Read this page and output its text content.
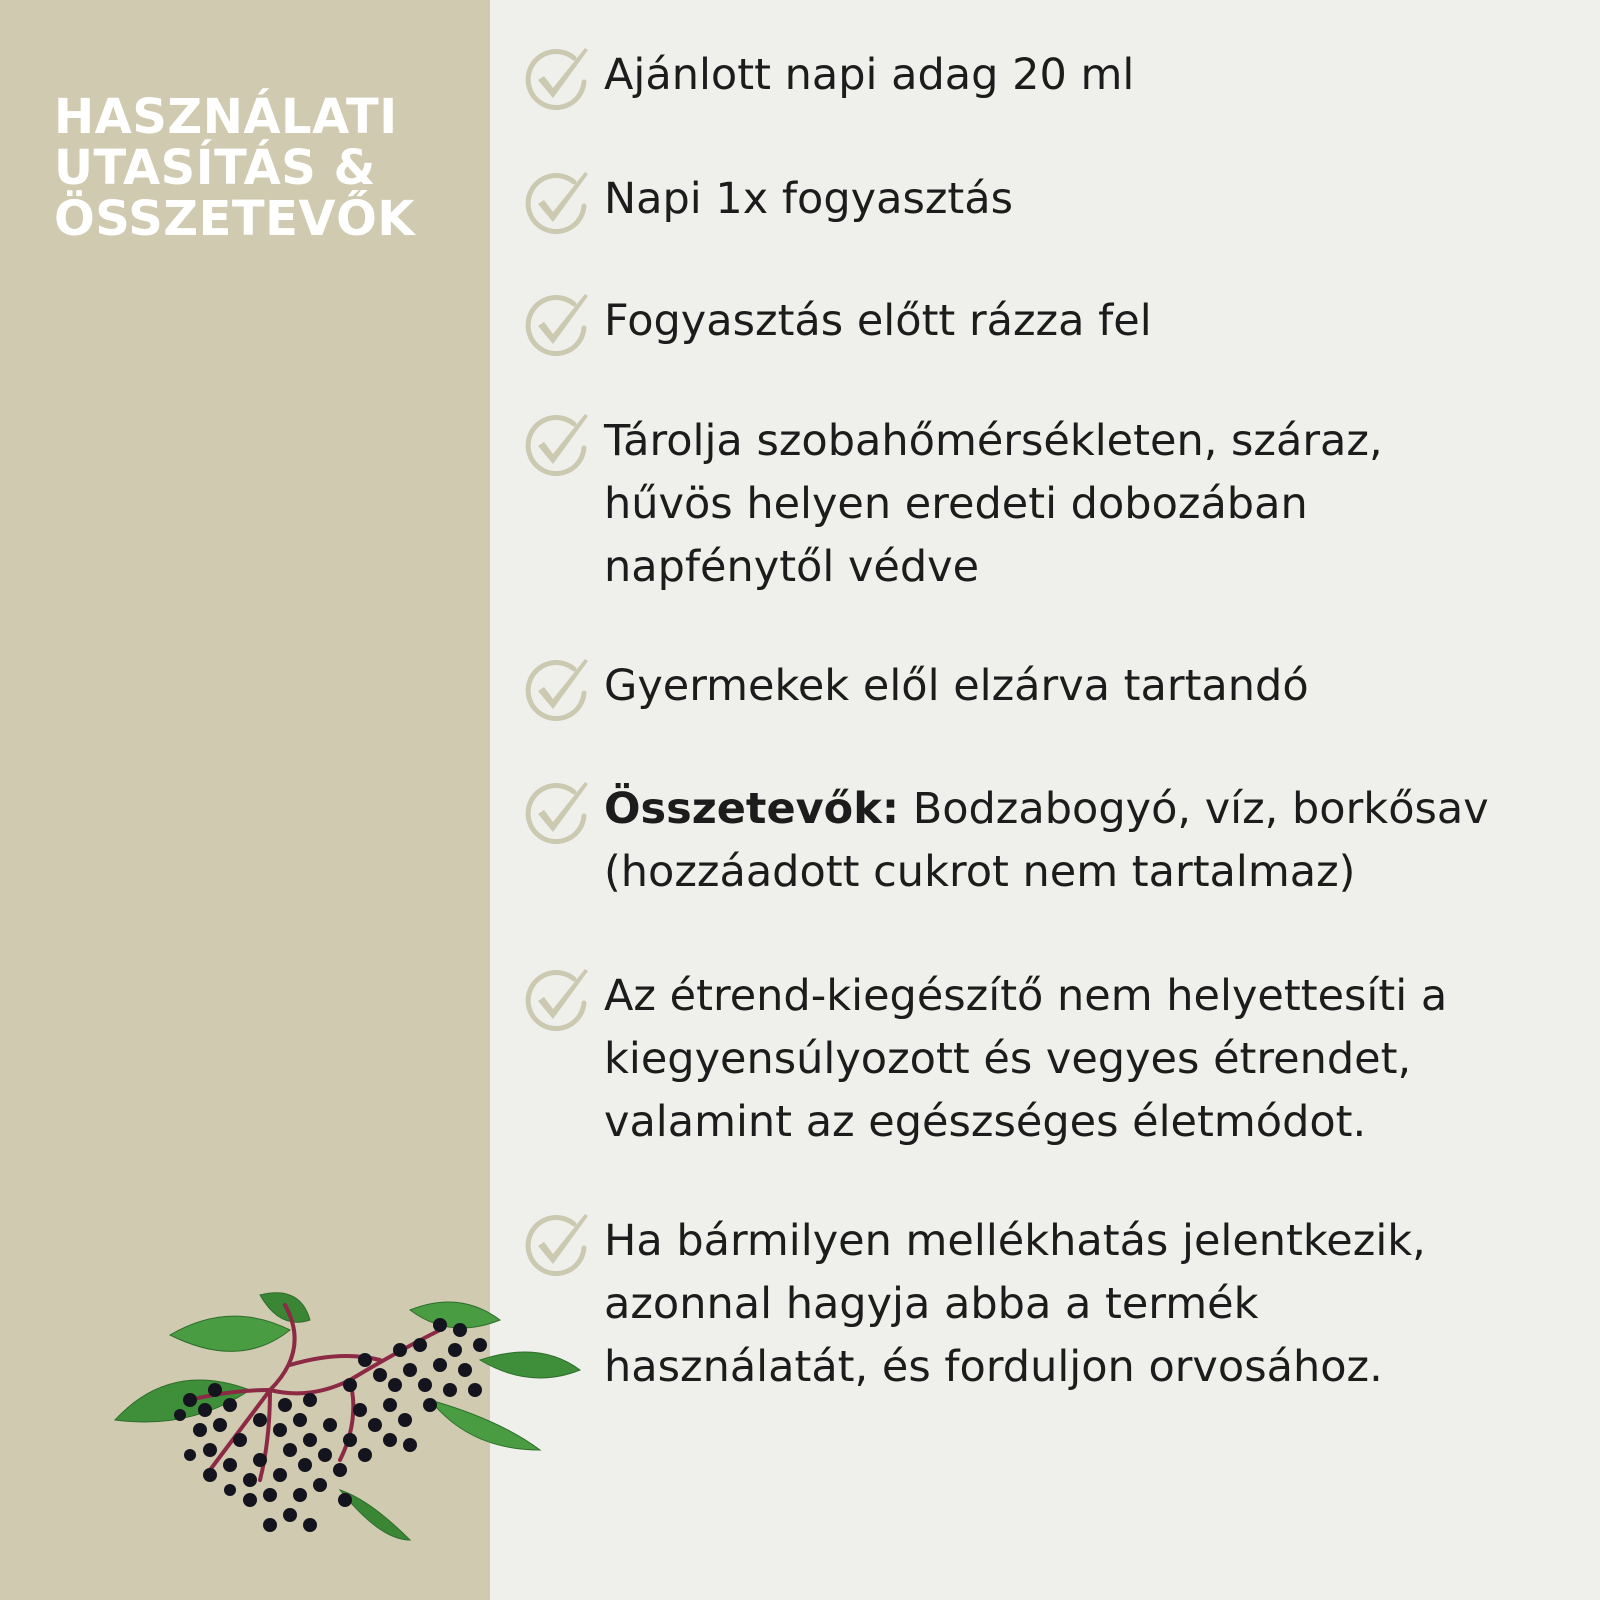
HASZNÁLATI
UTASÍTÁS &
ÖSSZETEVŐK

Ajánlott napi adag 20 ml

Napi 1x fogyasztás

Fogyasztás előtt rázza fel

Tárolja szobahőmérsékleten, száraz,
hűvös helyen eredeti dobozában
napfénytől védve

Gyermekek elől elzárva tartandó

Összetevők: Bodzabogyó, víz, borkősav
(hozzáadott cukrot nem tartalmaz)

Az étrend-kiegészítő nem helyettesíti a
kiegyensúlyozott és vegyes étrendet,
valamint az egészséges életmódot.

Ha bármilyen mellékhatás jelentkezik,
azonnal hagyja abba a termék
használatát, és forduljon orvosához.
